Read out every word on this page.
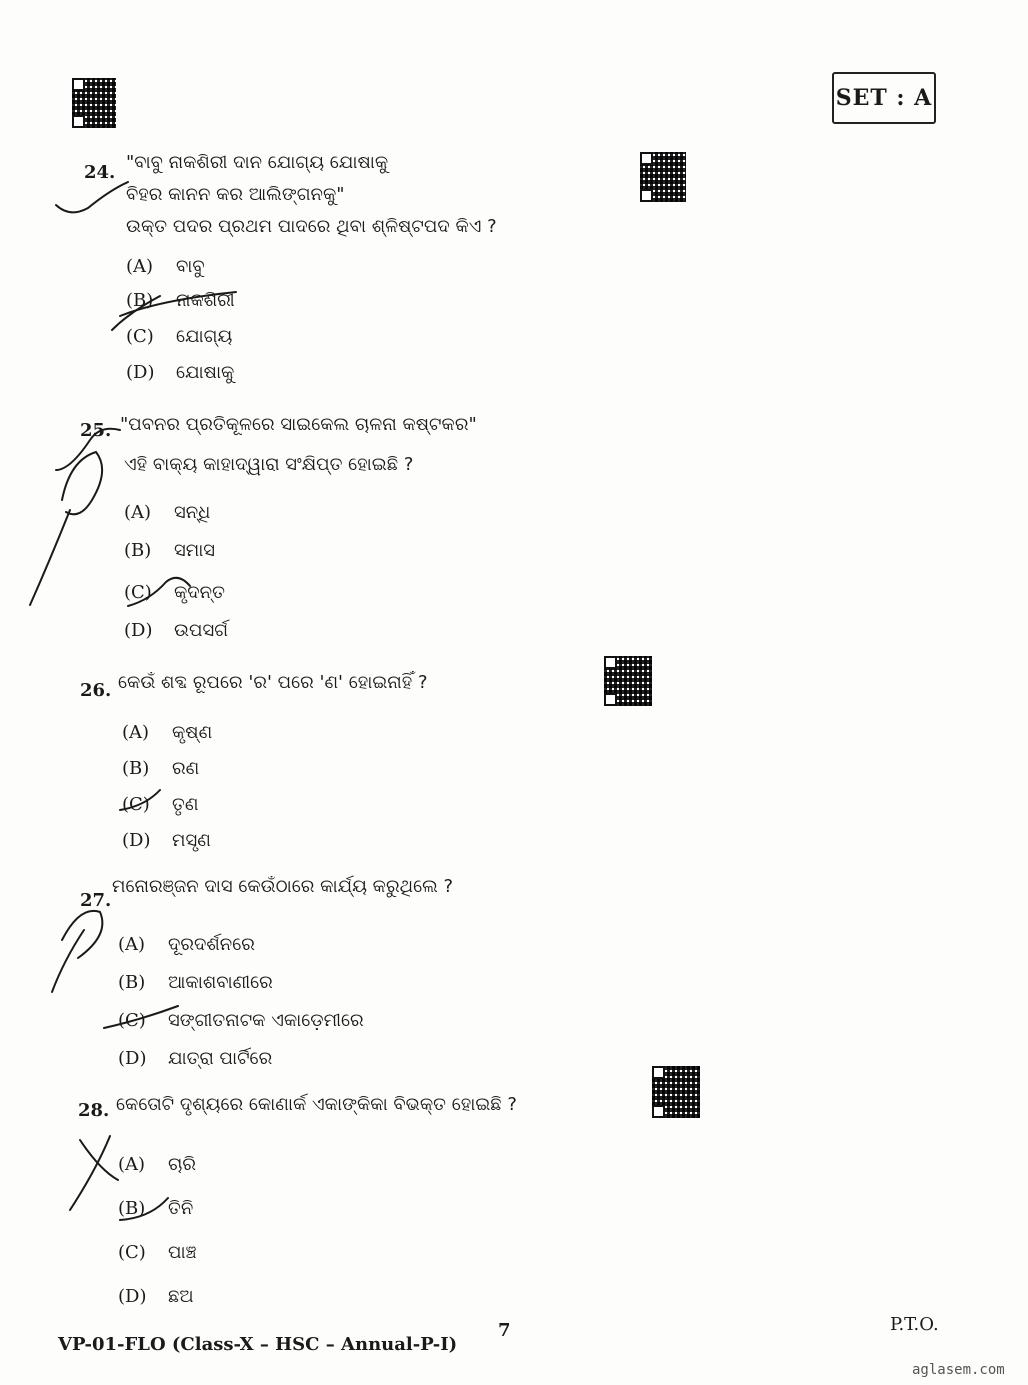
SET : A
24. "ବାବୁ ନାକଶିରୀ ଦାନ ଯୋଗ୍ୟ ଯୋଷାକୁ
ବିହର କାନନ କର ଆଲିଙ୍ଗନକୁ"
ଉକ୍ତ ପଦର ପ୍ରଥମ ପାଦରେ ଥିବା ଶ୍ଳିଷ୍ଟପଦ କିଏ ?
(A) ବାବୁ
(B) ନାକଶିରୀ
(C) ଯୋଗ୍ୟ
(D) ଯୋଷାକୁ
25. "ପବନର ପ୍ରତିକୂଳରେ ସାଇକେଲ ଚାଳନା କଷ୍ଟକର"
ଏହି ବାକ୍ୟ କାହାଦ୍ୱାରା ସଂକ୍ଷିପ୍ତ ହୋଇଛି ?
(A) ସନ୍ଧି
(B) ସମାସ
(C) କୃଦନ୍ତ
(D) ଉପସର୍ଗ
26. କେଉଁ ଶବ୍ଦ ରୂପରେ 'ର' ପରେ 'ଣ' ହୋଇନାହିଁ ?
(A) କୃଷ୍ଣ
(B) ରଣ
(C) ତୃଣ
(D) ମସୃଣ
27.
ମନୋରଞ୍ଜନ ଦାସ କେଉଁଠାରେ କାର୍ଯ୍ୟ କରୁଥିଲେ ?
(A) ଦୂରଦର୍ଶନରେ
(B) ଆକାଶବାଣୀରେ
(C) ସଙ୍ଗୀତନାଟକ ଏକାଡ଼େମୀରେ
(D) ଯାତ୍ରା ପାର୍ଟିରେ
28. କେତୋଟି ଦୃଶ୍ୟରେ କୋଣାର୍କ ଏକାଙ୍କିକା ବିଭକ୍ତ ହୋଇଛି ?
(A) ଚାରି
(B) ତିନି
(C) ପାଞ୍ଚ
(D) ଛଅ
VP-01-FLO (Class-X – HSC – Annual-P-I)
7	P.T.O.
aglasem.com
